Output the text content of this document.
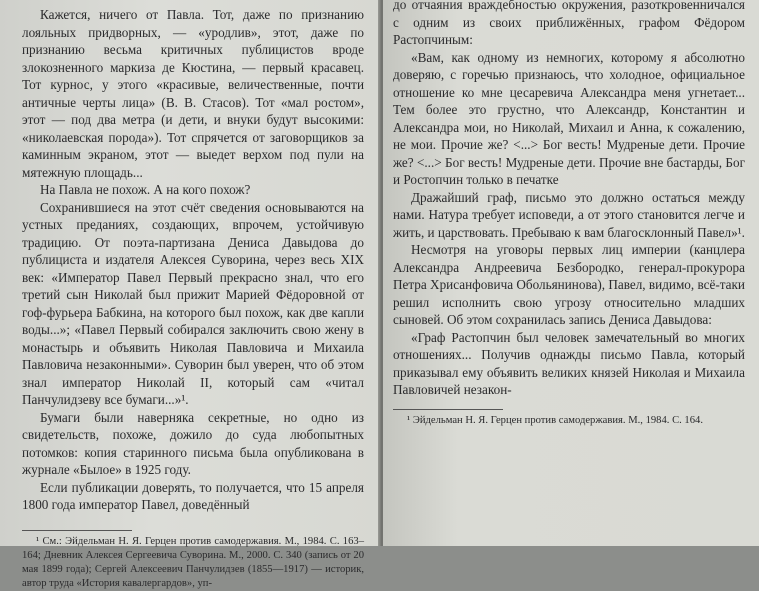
Кажется, ничего от Павла. Тот, даже по признанию лояльных придворных, — «уродлив», этот, даже по признанию весьма критичных публицистов вроде злокозненного маркиза де Кюстина, — первый красавец. Тот курнос, у этого «красивые, величественные, почти античные черты лица» (В. В. Стасов). Тот «мал ростом», этот — под два метра (и дети, и внуки будут высокими: «николаевская порода»). Тот спрячется от заговорщиков за каминным экраном, этот — выедет верхом под пули на мятежную площадь...

На Павла не похож. А на кого похож?

Сохранившиеся на этот счёт сведения основываются на устных преданиях, создающих, впрочем, устойчивую традицию. От поэта-партизана Дениса Давыдова до публициста и издателя Алексея Суворина, через весь XIX век: «Император Павел Первый прекрасно знал, что его третий сын Николай был прижит Марией Фёдоровной от гоф-фурьера Бабкина, на которого был похож, как две капли воды...»; «Павел Первый собирался заключить свою жену в монастырь и объявить Николая Павловича и Михаила Павловича незаконными». Суворин был уверен, что об этом знал император Николай II, который сам «читал Панчулидзеву все бумаги...»¹.

Бумаги были наверняка секретные, но одно из свидетельств, похоже, дожило до суда любопытных потомков: копия старинного письма была опубликована в журнале «Былое» в 1925 году.

Если публикации доверять, то получается, что 15 апреля 1800 года император Павел, доведённый

¹ См.: Эйдельман Н. Я. Герцен против самодержавия. М., 1984. С. 163–164; Дневник Алексея Сергеевича Суворина. М., 2000. С. 340 (запись от 20 мая 1899 года); Сергей Алексеевич Панчулидзев (1855—1917) — историк, автор труда «История кавалергардов», уп-

до отчаяния враждебностью окружения, разоткровенничался с одним из своих приближённых, графом Фёдором Растопчиным:

«Вам, как одному из немногих, которому я абсолютно доверяю, с горечью признаюсь, что холодное, официальное отношение ко мне цесаревича Александра меня угнетает... Тем более это грустно, что Александр, Константин и Александра мои, но Николай, Михаил и Анна, к сожалению, не мои. Прочие же? <...> Бог весть! Мудреные дети. Прочие же? <...> Бог весть! Мудреные дети. Прочие вне бастарды, Бог и Ростопчин только в печатке

Дражайший граф, письмо это должно остаться между нами. Натура требует исповеди, а от этого становится легче и жить, и царствовать. Пребываю к вам благосклонный Павел»¹.

Несмотря на уговоры первых лиц империи (канцлера Александра Андреевича Безбородко, генерал-прокурора Петра Хрисанфовича Обольянинова), Павел, видимо, всё-таки решил исполнить свою угрозу относительно младших сыновей. Об этом сохранилась запись Дениса Давыдова:

«Граф Растопчин был человек замечательный во многих отношениях... Получив однажды письмо Павла, который приказывал ему объявить великих князей Николая и Михаила Павловичей незакон-

¹ Эйдельман Н. Я. Герцен против самодержавия. М., 1984. С. 164.
